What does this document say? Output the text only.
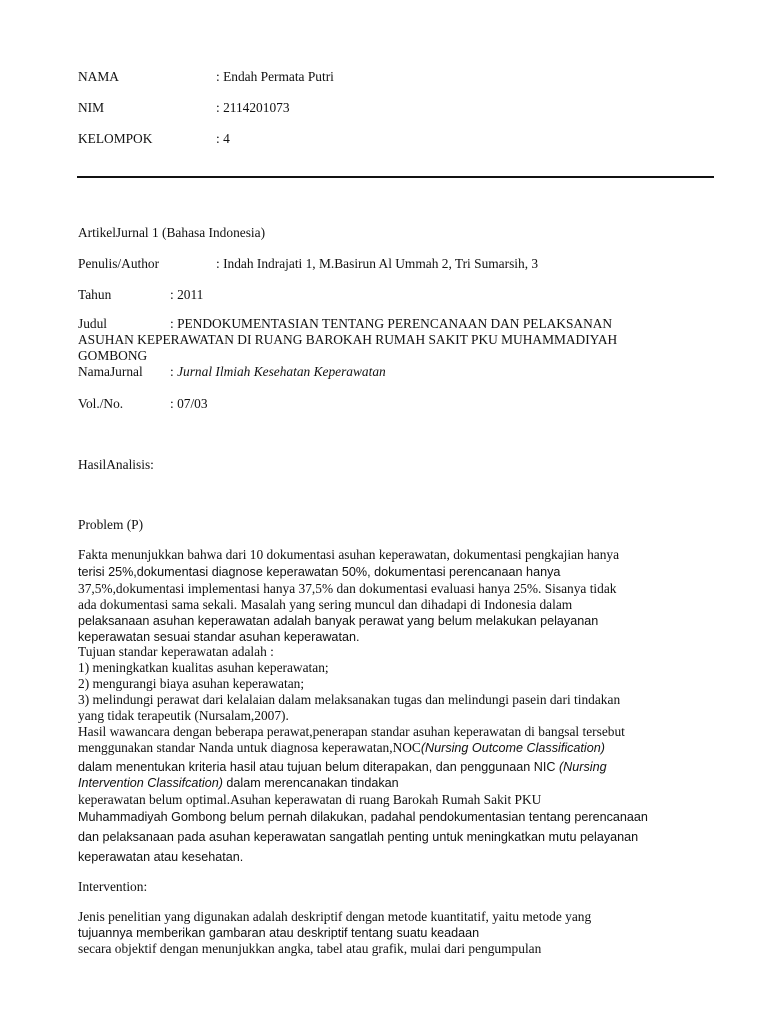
NAMA	: Endah Permata Putri
NIM	: 2114201073
KELOMPOK	: 4
ArtikelJurnal 1 (Bahasa Indonesia)
Penulis/Author	: Indah Indrajati 1, M.Basirun Al Ummah 2, Tri Sumarsih, 3
Tahun	: 2011
Judul	: PENDOKUMENTASIAN TENTANG PERENCANAAN DAN PELAKSANAN
ASUHAN KEPERAWATAN DI RUANG BAROKAH RUMAH SAKIT PKU MUHAMMADIYAH
GOMBONG
NamaJurnal : Jurnal Ilmiah Kesehatan Keperawatan
Vol./No.	: 07/03
HasilAnalisis:
Problem (P)
Fakta menunjukkan bahwa dari 10 dokumentasi asuhan keperawatan, dokumentasi pengkajian hanya
terisi 25%,dokumentasi diagnose keperawatan 50%, dokumentasi perencanaan hanya
37,5%,dokumentasi implementasi hanya 37,5% dan dokumentasi evaluasi hanya 25%. Sisanya tidak
ada dokumentasi sama sekali. Masalah yang sering muncul dan dihadapi di Indonesia dalam
pelaksanaan asuhan keperawatan adalah banyak perawat yang belum melakukan pelayanan
keperawatan sesuai standar asuhan keperawatan.
Tujuan standar keperawatan adalah :
1) meningkatkan kualitas asuhan keperawatan;
2) mengurangi biaya asuhan keperawatan;
3) melindungi perawat dari kelalaian dalam melaksanakan tugas dan melindungi pasein dari tindakan
yang tidak terapeutik (Nursalam,2007).
Hasil wawancara dengan beberapa perawat,penerapan standar asuhan keperawatan di bangsal tersebut
menggunakan standar Nanda untuk diagnosa keperawatan,NOC(Nursing Outcome Classification)
dalam menentukan kriteria hasil atau tujuan belum diterapakan, dan penggunaan NIC (Nursing
Intervention Classifcation) dalam merencanakan tindakan
keperawatan belum optimal.Asuhan keperawatan di ruang Barokah Rumah Sakit PKU
Muhammadiyah Gombong belum pernah dilakukan, padahal pendokumentasian tentang perencanaan
dan pelaksanaan pada asuhan keperawatan sangatlah penting untuk meningkatkan mutu pelayanan
keperawatan atau kesehatan.
Intervention:
Jenis penelitian yang digunakan adalah deskriptif dengan metode kuantitatif, yaitu metode yang
tujuannya memberikan gambaran atau deskriptif tentang suatu keadaan
secara objektif dengan menunjukkan angka, tabel atau grafik, mulai dari pengumpulan
